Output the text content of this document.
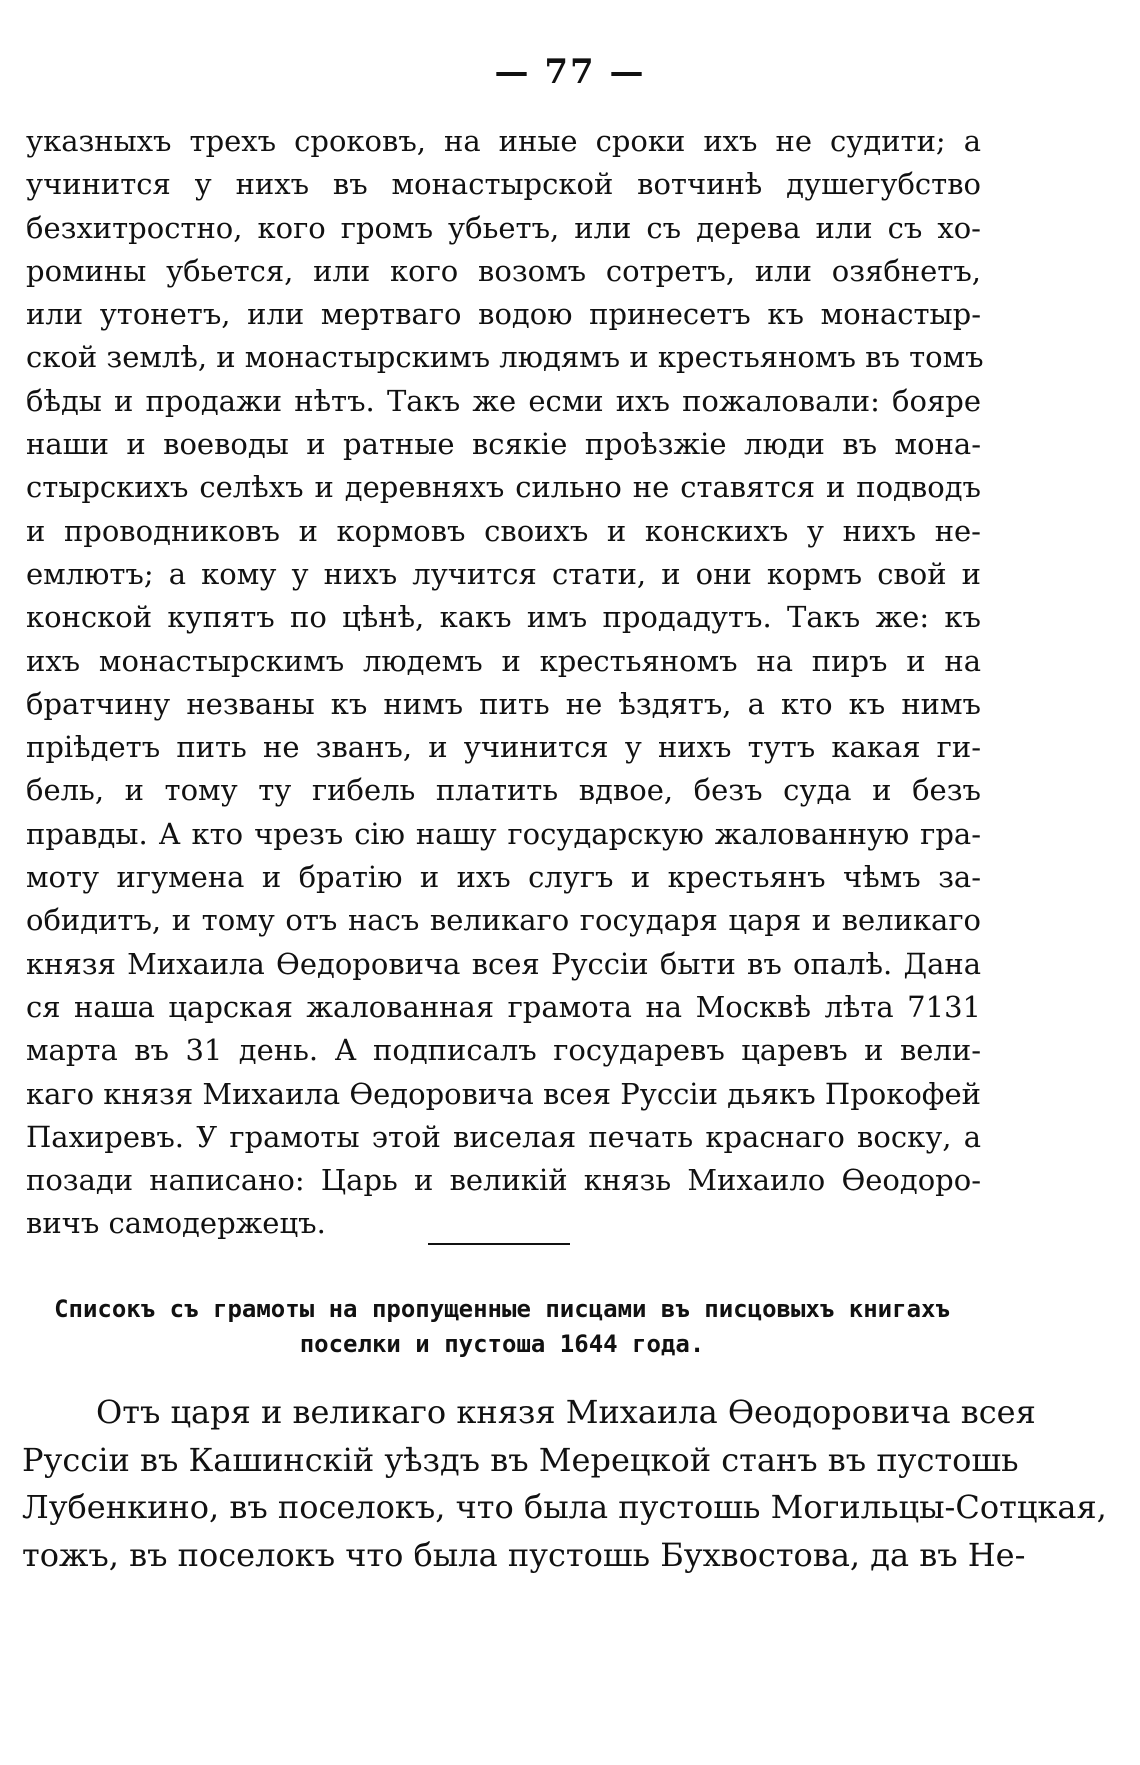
— 77 —
указныхъ трехъ сроковъ, на иные сроки ихъ не судити; а
учинится у нихъ въ монастырской вотчинѣ душегубство
безхитростно, кого громъ убьетъ, или съ дерева или съ хо-
ромины убьется, или кого возомъ сотретъ, или озябнетъ,
или утонетъ, или мертваго водою принесетъ къ монастыр-
ской землѣ, и монастырскимъ людямъ и крестьяномъ въ томъ
бѣды и продажи нѣтъ. Такъ же есми ихъ пожаловали: бояре
наши и воеводы и ратные всякіе проѣзжіе люди въ мона-
стырскихъ селѣхъ и деревняхъ сильно не ставятся и подводъ
и проводниковъ и кормовъ своихъ и конскихъ у нихъ не-
емлютъ; а кому у нихъ лучится стати, и они кормъ свой и
конской купятъ по цѣнѣ, какъ имъ продадутъ. Такъ же: къ
ихъ монастырскимъ людемъ и крестьяномъ на пиръ и на
братчину незваны къ нимъ пить не ѣздятъ, а кто къ нимъ
пріѣдетъ пить не званъ, и учинится у нихъ тутъ какая ги-
бель, и тому ту гибель платить вдвое, безъ суда и безъ
правды. А кто чрезъ сію нашу государскую жалованную гра-
моту игумена и братію и ихъ слугъ и крестьянъ чѣмъ за-
обидитъ, и тому отъ насъ великаго государя царя и великаго
князя Михаила Ѳедоровича всея Руссіи быти въ опалѣ. Дана
ся наша царская жалованная грамота на Москвѣ лѣта 7131
марта въ 31 день. А подписалъ государевъ царевъ и вели-
каго князя Михаила Ѳедоровича всея Руссіи дьякъ Прокофей
Пахиревъ. У грамоты этой виселая печать краснаго воску, а
позади написано: Царь и великій князь Михаило Ѳеодоро-
вичъ самодержецъ.
Списокъ съ грамоты на пропущенные писцами въ писцовыхъ книгахъ
поселки и пустоша 1644 года.
Отъ царя и великаго князя Михаила Ѳеодоровича всея
Руссіи въ Кашинскій уѣздъ въ Мерецкой станъ въ пустошь
Лубенкино, въ поселокъ, что была пустошь Могильцы-Сотцкая,
тожъ, въ поселокъ что была пустошь Бухвостова, да въ Не-
